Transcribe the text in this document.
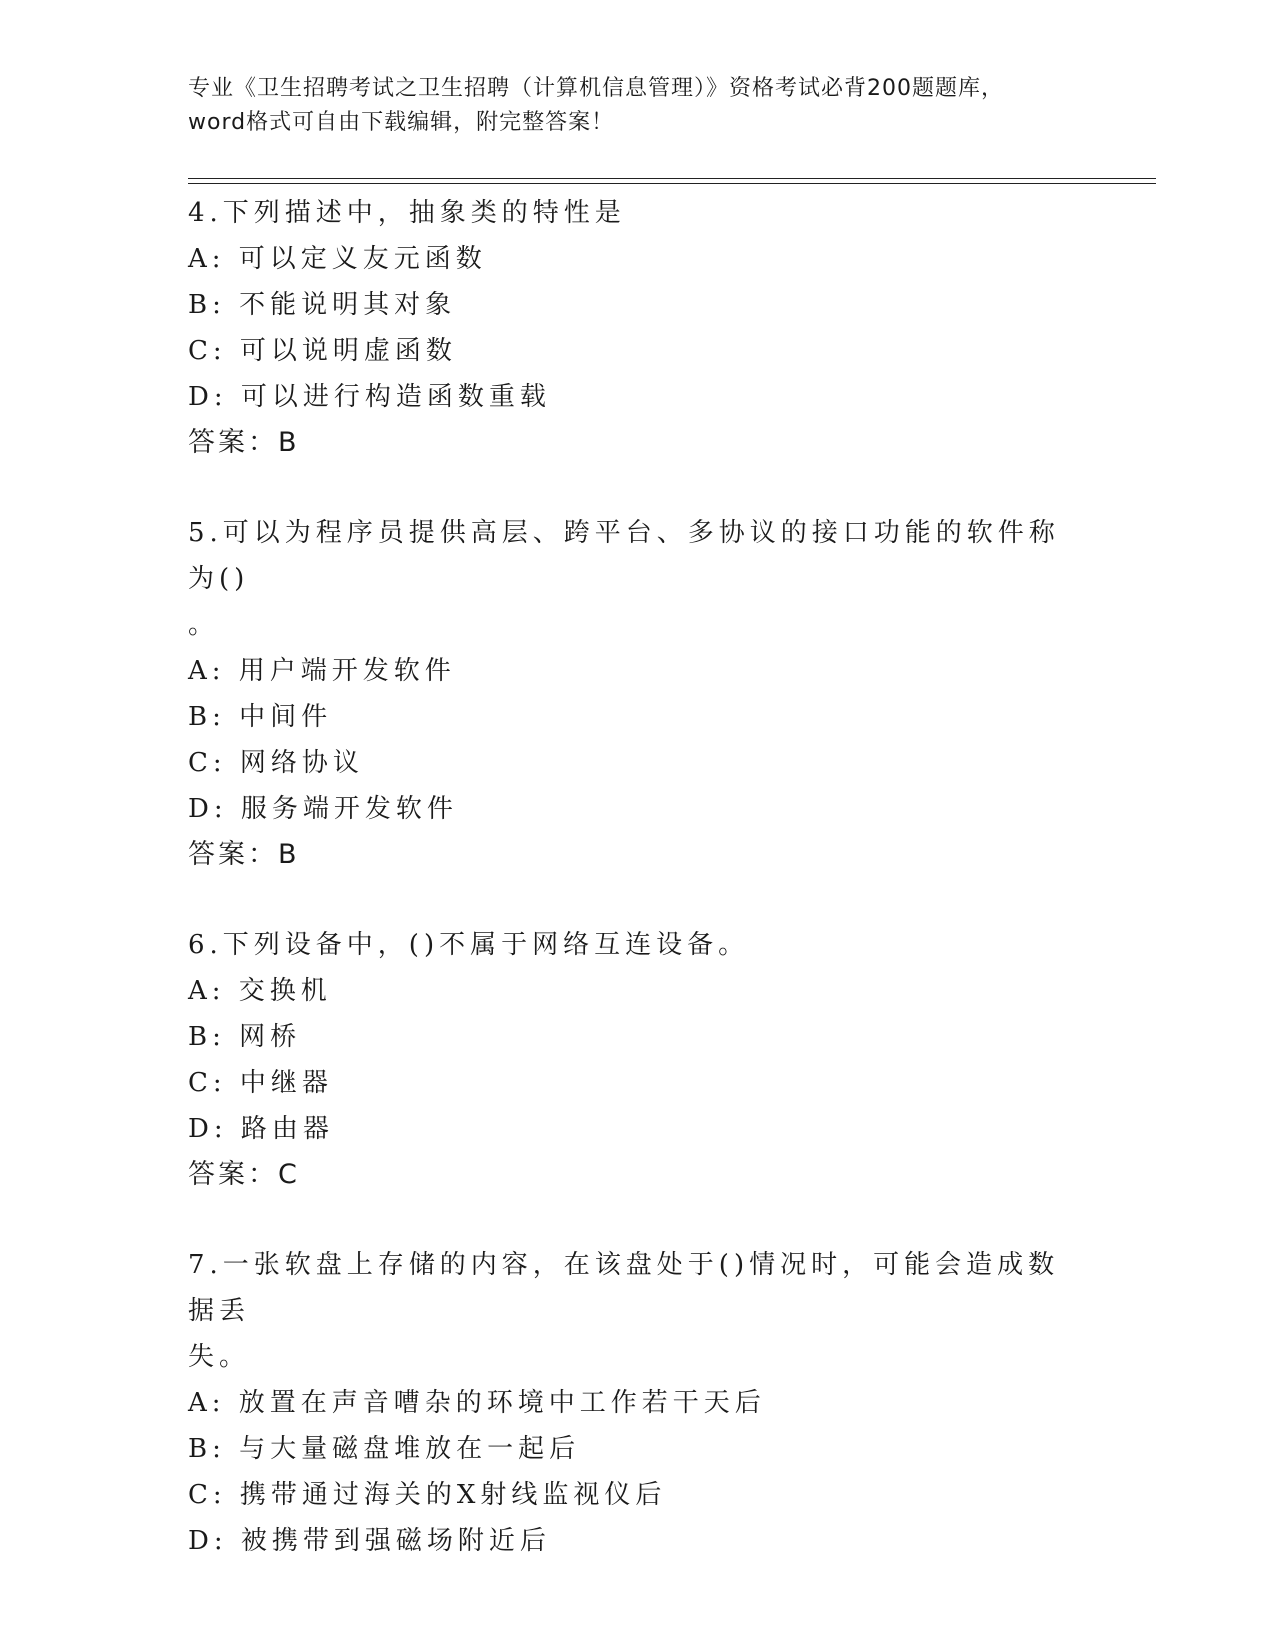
专业《卫生招聘考试之卫生招聘（计算机信息管理）》资格考试必背200题题库，
word格式可自由下载编辑，附完整答案！
4.下列描述中，抽象类的特性是
A: 可以定义友元函数
B: 不能说明其对象
C: 可以说明虚函数
D: 可以进行构造函数重载
答案：B
5.可以为程序员提供高层、跨平台、多协议的接口功能的软件称为()
。
A: 用户端开发软件
B: 中间件
C: 网络协议
D: 服务端开发软件
答案：B
6.下列设备中，()不属于网络互连设备。
A: 交换机
B: 网桥
C: 中继器
D: 路由器
答案：C
7.一张软盘上存储的内容，在该盘处于()情况时，可能会造成数据丢
失。
A: 放置在声音嘈杂的环境中工作若干天后
B: 与大量磁盘堆放在一起后
C: 携带通过海关的X射线监视仪后
D: 被携带到强磁场附近后
